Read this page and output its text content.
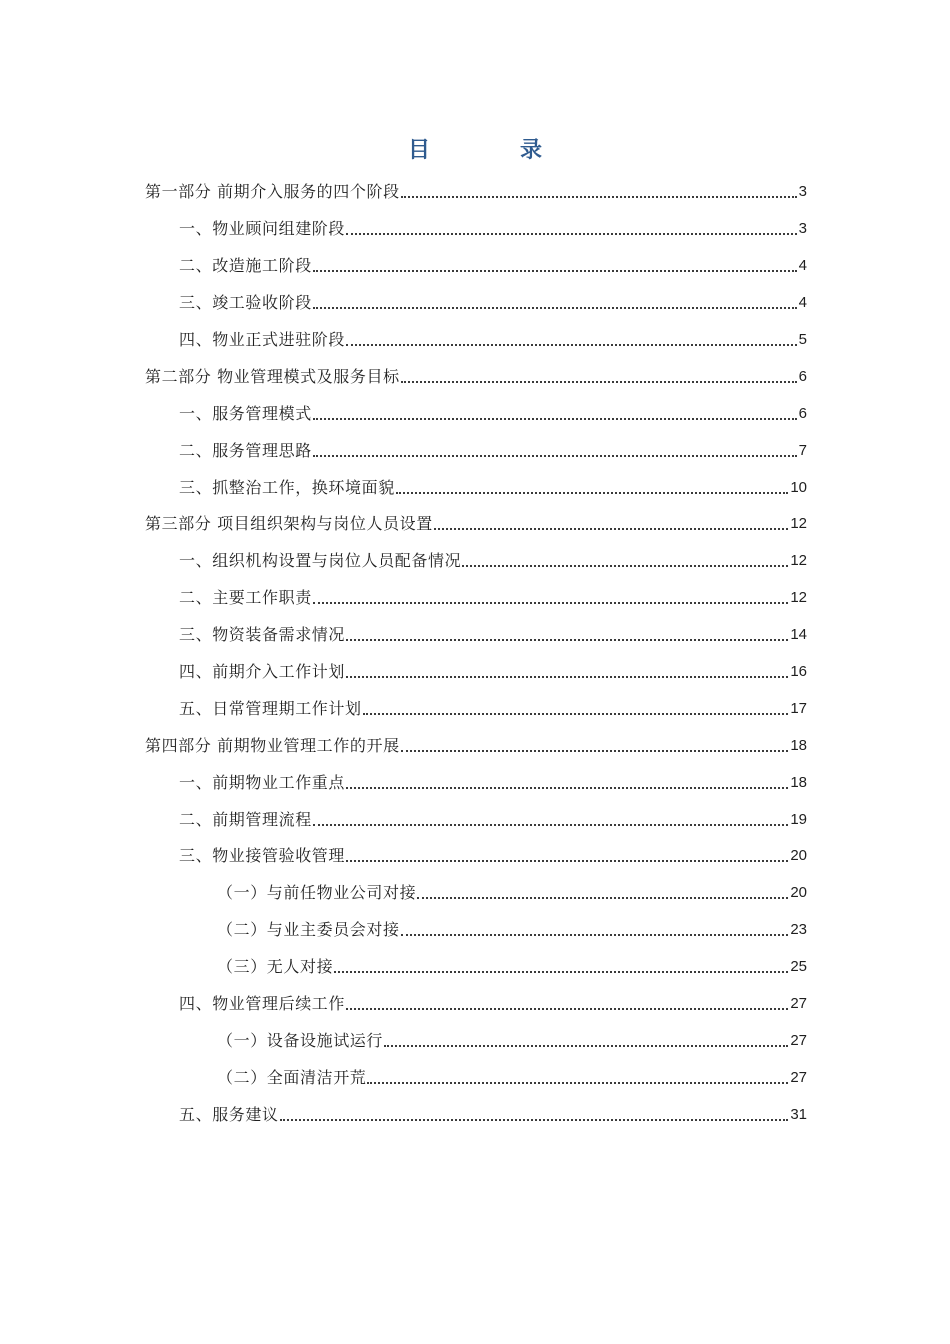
目　录
第一部分 前期介入服务的四个阶段	3
一、物业顾问组建阶段	3
二、改造施工阶段	4
三、竣工验收阶段	4
四、物业正式进驻阶段	5
第二部分 物业管理模式及服务目标	6
一、服务管理模式	6
二、服务管理思路	7
三、抓整治工作，换环境面貌	10
第三部分 项目组织架构与岗位人员设置	12
一、组织机构设置与岗位人员配备情况	12
二、主要工作职责	12
三、物资装备需求情况	14
四、前期介入工作计划	16
五、日常管理期工作计划	17
第四部分 前期物业管理工作的开展	18
一、前期物业工作重点	18
二、前期管理流程	19
三、物业接管验收管理	20
（一）与前任物业公司对接	20
（二）与业主委员会对接	23
（三）无人对接	25
四、物业管理后续工作	27
（一）设备设施试运行	27
（二）全面清洁开荒	27
五、服务建议	31
